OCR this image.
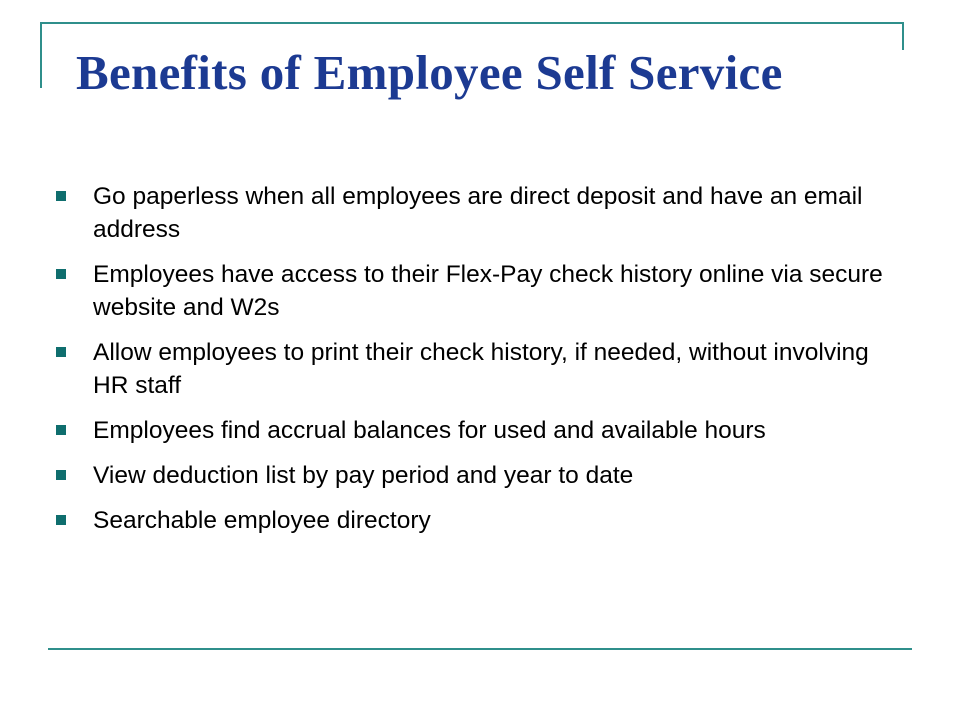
Benefits of Employee Self Service
Go paperless when all employees are direct deposit and have an email address
Employees have access to their Flex-Pay check history online via secure website and W2s
Allow employees to print their check history, if needed, without involving HR staff
Employees find accrual balances for used and available hours
View deduction list by pay period and year to date
Searchable employee directory
